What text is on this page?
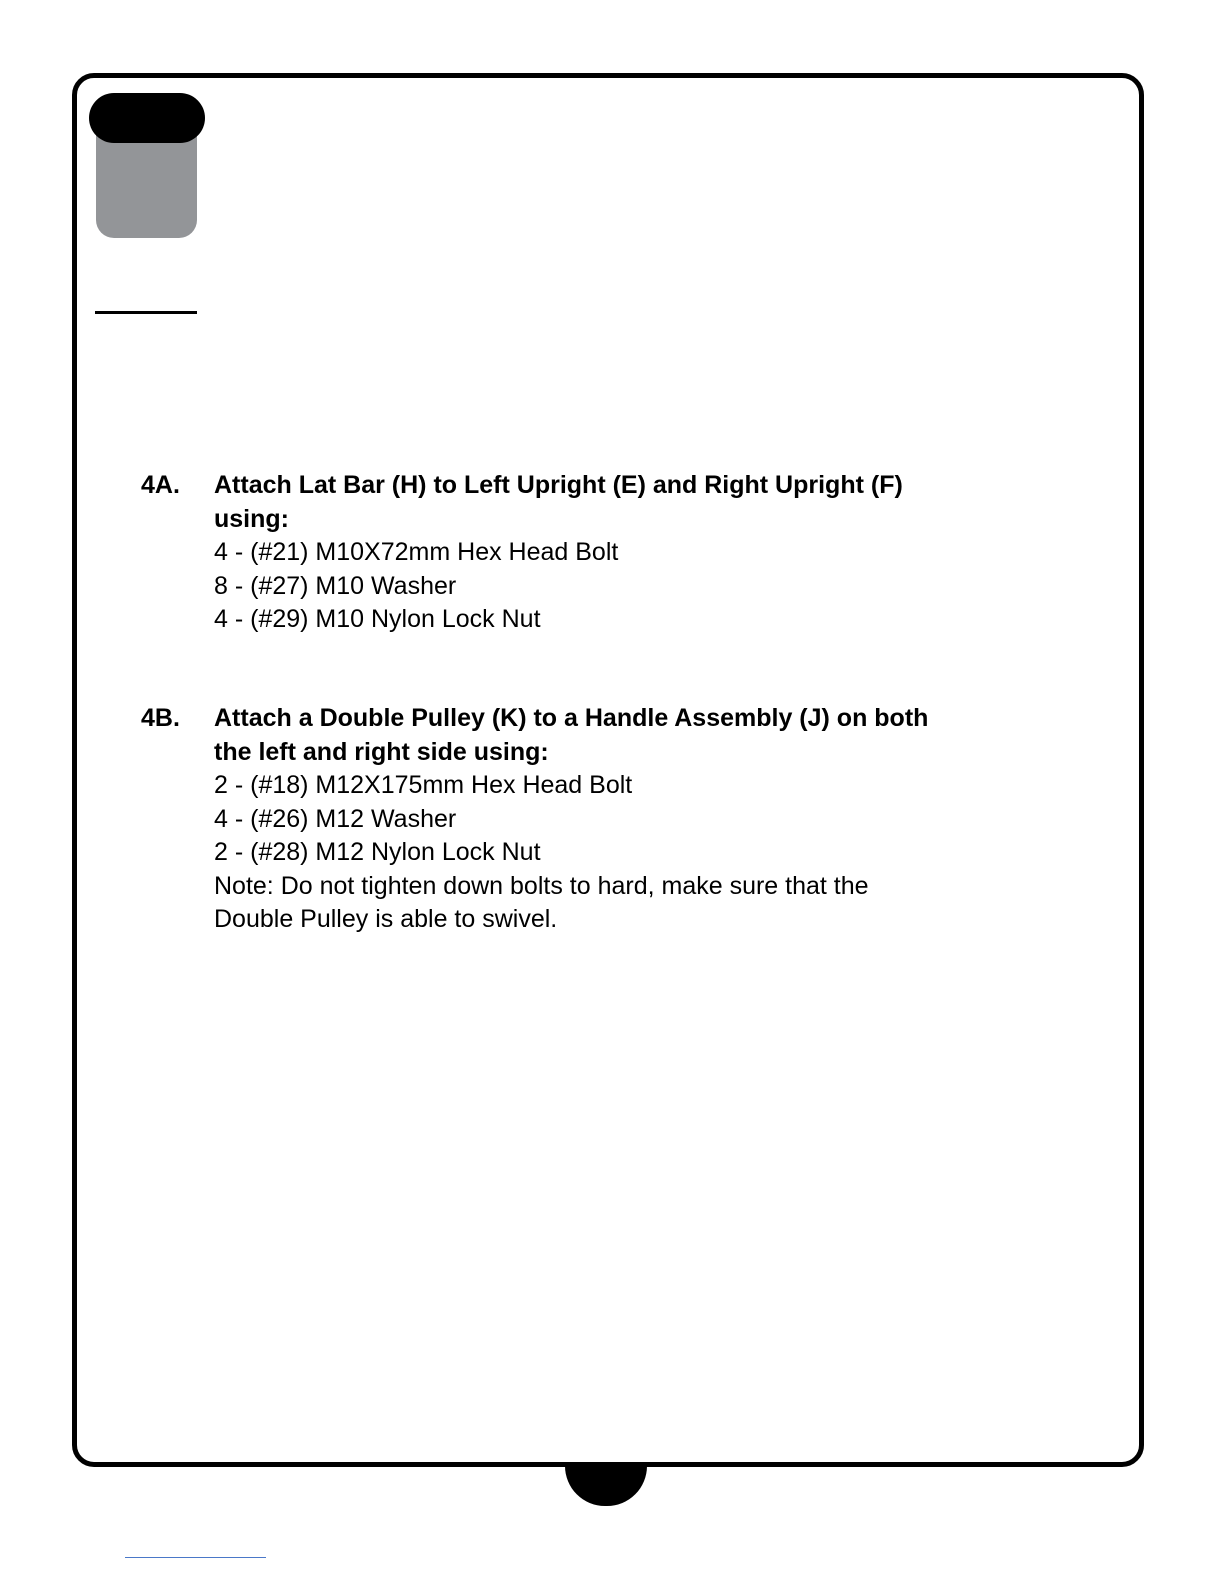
4A.	Attach Lat Bar (H) to Left Upright (E) and Right Upright (F)
using:
4 - (#21) M10X72mm Hex Head Bolt
8 - (#27) M10 Washer
4 - (#29) M10 Nylon Lock Nut
4B.	Attach a Double Pulley (K) to a Handle Assembly (J) on both
the left and right side using:
2 - (#18) M12X175mm Hex Head Bolt
4 - (#26) M12 Washer
2 - (#28) M12 Nylon Lock Nut
Note: Do not tighten down bolts to hard, make sure that the
Double Pulley is able to swivel.
